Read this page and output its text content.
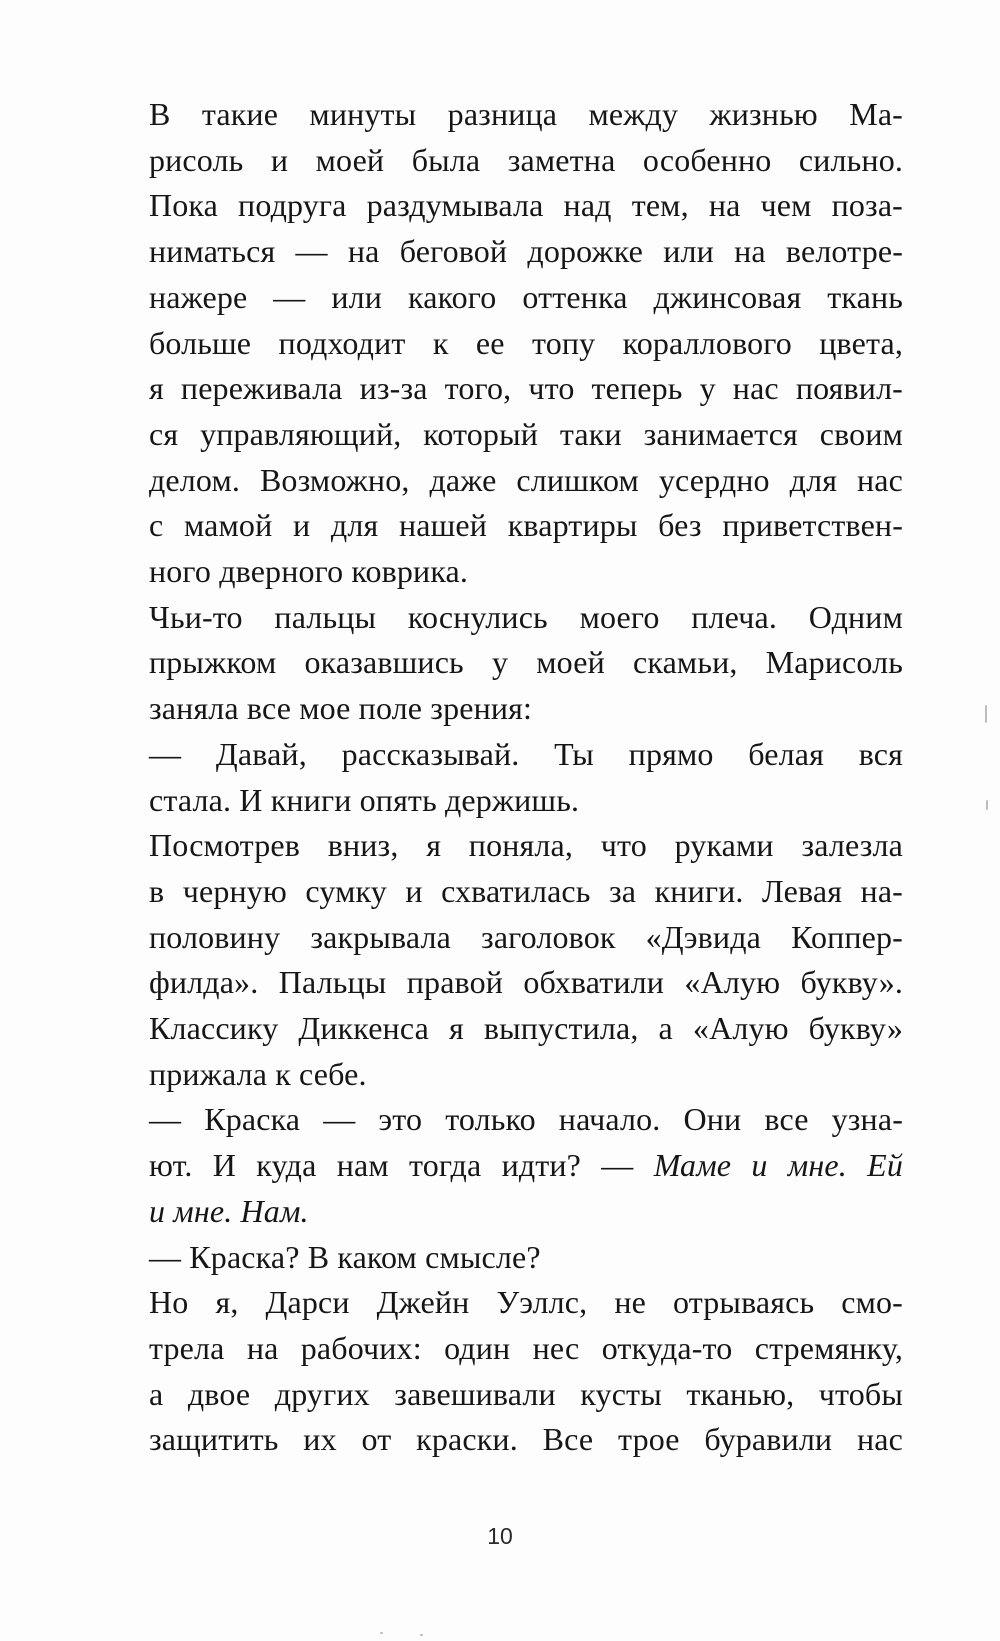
В такие минуты разница между жизнью Ма-
рисоль и моей была заметна особенно сильно.
Пока подруга раздумывала над тем, на чем поза-
ниматься — на беговой дорожке или на велотре-
нажере — или какого оттенка джинсовая ткань
больше подходит к ее топу кораллового цвета,
я переживала из-за того, что теперь у нас появил-
ся управляющий, который таки занимается своим
делом. Возможно, даже слишком усердно для нас
с мамой и для нашей квартиры без приветствен-
ного дверного коврика.
Чьи-то пальцы коснулись моего плеча. Одним
прыжком оказавшись у моей скамьи, Марисоль
заняла все мое поле зрения:
— Давай, рассказывай. Ты прямо белая вся
стала. И книги опять держишь.
Посмотрев вниз, я поняла, что руками залезла
в черную сумку и схватилась за книги. Левая на-
половину закрывала заголовок «Дэвида Коппер-
филда». Пальцы правой обхватили «Алую букву».
Классику Диккенса я выпустила, а «Алую букву»
прижала к себе.
— Краска — это только начало. Они все узна-
ют. И куда нам тогда идти? — Маме и мне. Ей
и мне. Нам.
— Краска? В каком смысле?
Но я, Дарси Джейн Уэллс, не отрываясь смо-
трела на рабочих: один нес откуда-то стремянку,
а двое других завешивали кусты тканью, чтобы
защитить их от краски. Все трое буравили нас
10
